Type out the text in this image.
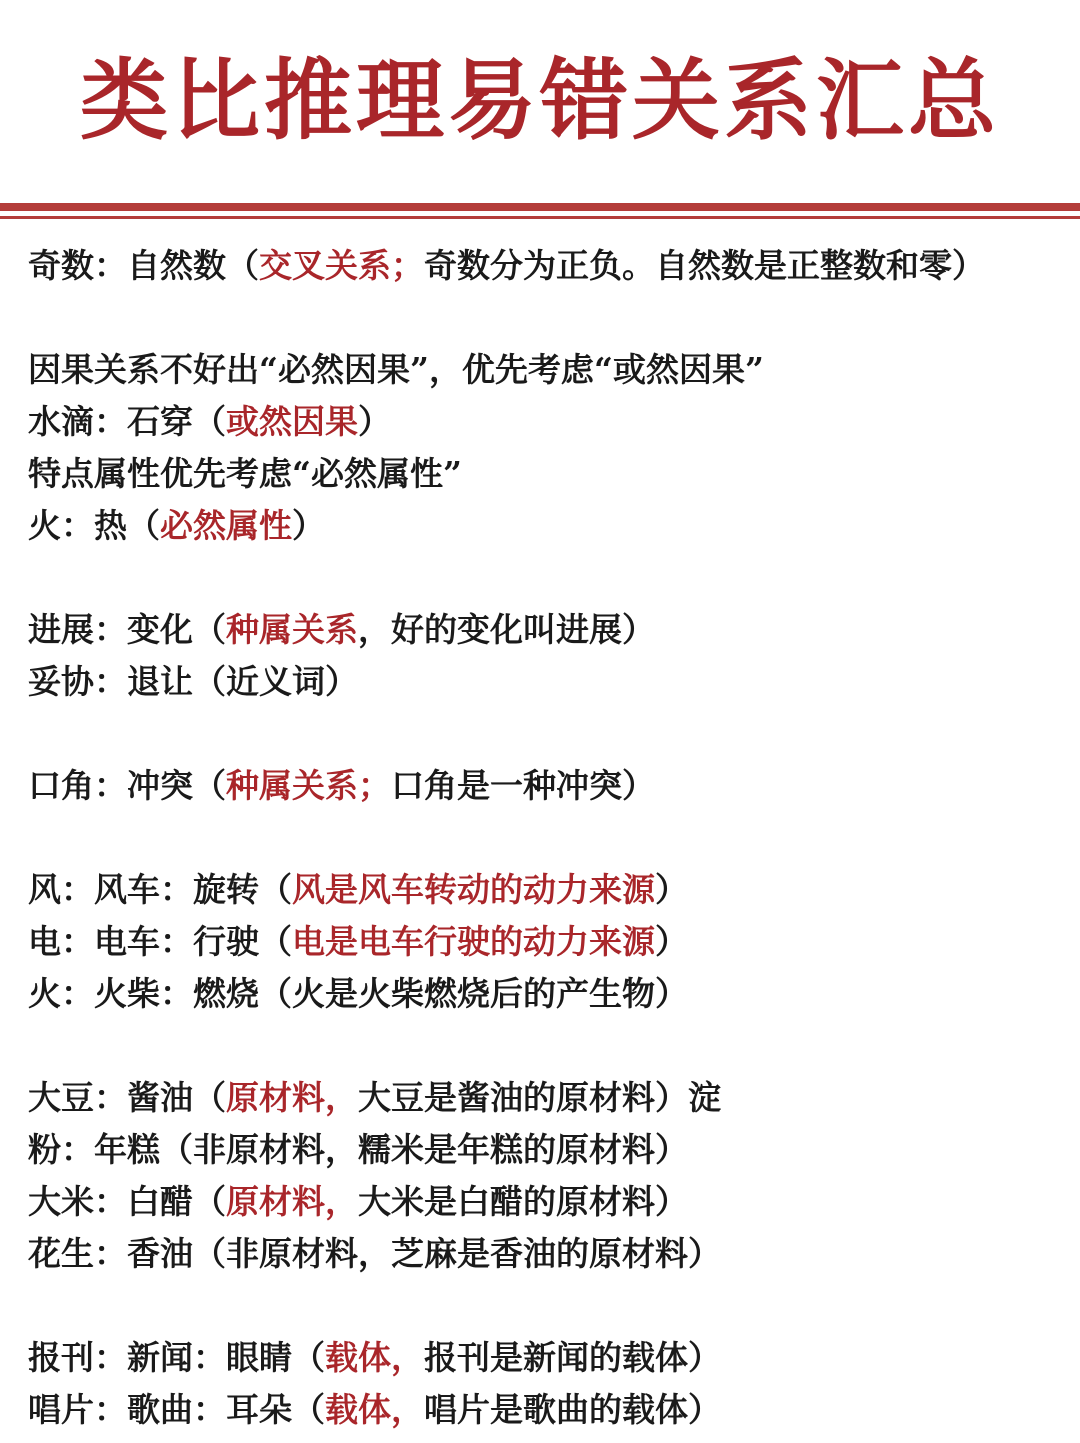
类比推理易错关系汇总
奇数：自然数（交叉关系；奇数分为正负。自然数是正整数和零）
因果关系不好出“必然因果”，优先考虑“或然因果”
水滴：石穿（或然因果）
特点属性优先考虑“必然属性”
火：热（必然属性）
进展：变化（种属关系，好的变化叫进展）
妥协：退让（近义词）
口角：冲突（种属关系；口角是一种冲突）
风：风车：旋转（风是风车转动的动力来源）
电：电车：行驶（电是电车行驶的动力来源）
火：火柴：燃烧（火是火柴燃烧后的产生物）
大豆：酱油（原材料，大豆是酱油的原材料）淀
粉：年糕（非原材料，糯米是年糕的原材料）
大米：白醋（原材料，大米是白醋的原材料）
花生：香油（非原材料，芝麻是香油的原材料）
报刊：新闻：眼睛（载体，报刊是新闻的载体）
唱片：歌曲：耳朵（载体，唱片是歌曲的载体）
